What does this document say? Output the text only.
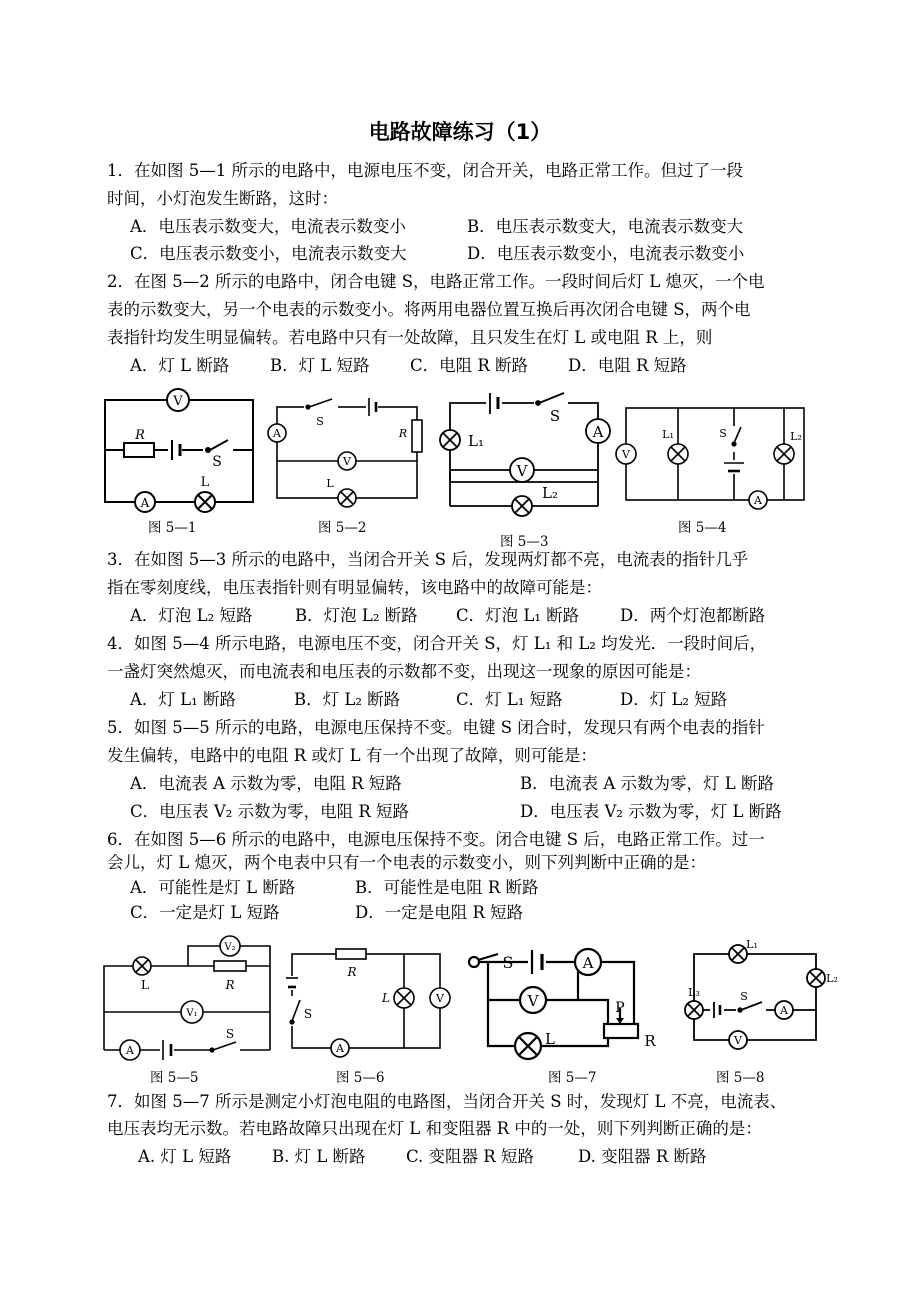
电路故障练习（1）
1．在如图 5—1 所示的电路中，电源电压不变，闭合开关，电路正常工作。但过了一段
时间，小灯泡发生断路，这时：
A．电压表示数变大，电流表示数变小	B．电压表示数变大，电流表示数变大
C．电压表示数变小，电流表示数变大	D．电压表示数变小，电流表示数变小
2．在图 5—2 所示的电路中，闭合电键 S，电路正常工作。一段时间后灯 L 熄灭，一个电
表的示数变大，另一个电表的示数变小。将两用电器位置互换后再次闭合电键 S，两个电
表指针均发生明显偏转。若电路中只有一处故障，且只发生在灯 L 或电阻 R 上，则
A．灯 L 断路 B．灯 L 短路 C．电阻 R 断路 D．电阻 R 短路
V
R
S
A
L
图 5—1
S
A	R
V
L
图 5—2
S
L₁	A
V
L₂
图 5—3
V
L₁	S	L₂
A
图 5—4
3．在如图 5—3 所示的电路中，当闭合开关 S 后，发现两灯都不亮，电流表的指针几乎
指在零刻度线，电压表指针则有明显偏转，该电路中的故障可能是：
A．灯泡 L₂ 短路	B．灯泡 L₂ 断路 C．灯泡 L₁ 断路 D．两个灯泡都断路
4．如图 5—4 所示电路，电源电压不变，闭合开关 S，灯 L₁ 和 L₂ 均发光．一段时间后，
一盏灯突然熄灭，而电流表和电压表的示数都不变，出现这一现象的原因可能是：
A．灯 L₁ 断路	B．灯 L₂ 断路	C．灯 L₁ 短路	D．灯 L₂ 短路
5．如图 5—5 所示的电路，电源电压保持不变。电键 S 闭合时，发现只有两个电表的指针
发生偏转，电路中的电阻 R 或灯 L 有一个出现了故障，则可能是：
A．电流表 A 示数为零，电阻 R 短路	B．电流表 A 示数为零，灯 L 断路
C．电压表 V₂ 示数为零，电阻 R 短路	D．电压表 V₂ 示数为零，灯 L 断路
6．在如图 5—6 所示的电路中，电源电压保持不变。闭合电键 S 后，电路正常工作。过一
会儿，灯 L 熄灭，两个电表中只有一个电表的示数变小，则下列判断中正确的是：
A．可能性是灯 L 断路	B．可能性是电阻 R 断路
C．一定是灯 L 短路	D．一定是电阻 R 短路
L
V₂
R
V₁
A
S
图 5—5
R
S
L	V
A
图 5—6
S	A
V
L
P
R
图 5—7
L₁
L₂
L₃	S
A
V
图 5—8
7．如图 5—7 所示是测定小灯泡电阻的电路图，当闭合开关 S 时，发现灯 L 不亮，电流表、
电压表均无示数。若电路故障只出现在灯 L 和变阻器 R 中的一处，则下列判断正确的是：
A. 灯 L 短路 B. 灯 L 断路 C. 变阻器 R 短路	D. 变阻器 R 断路
